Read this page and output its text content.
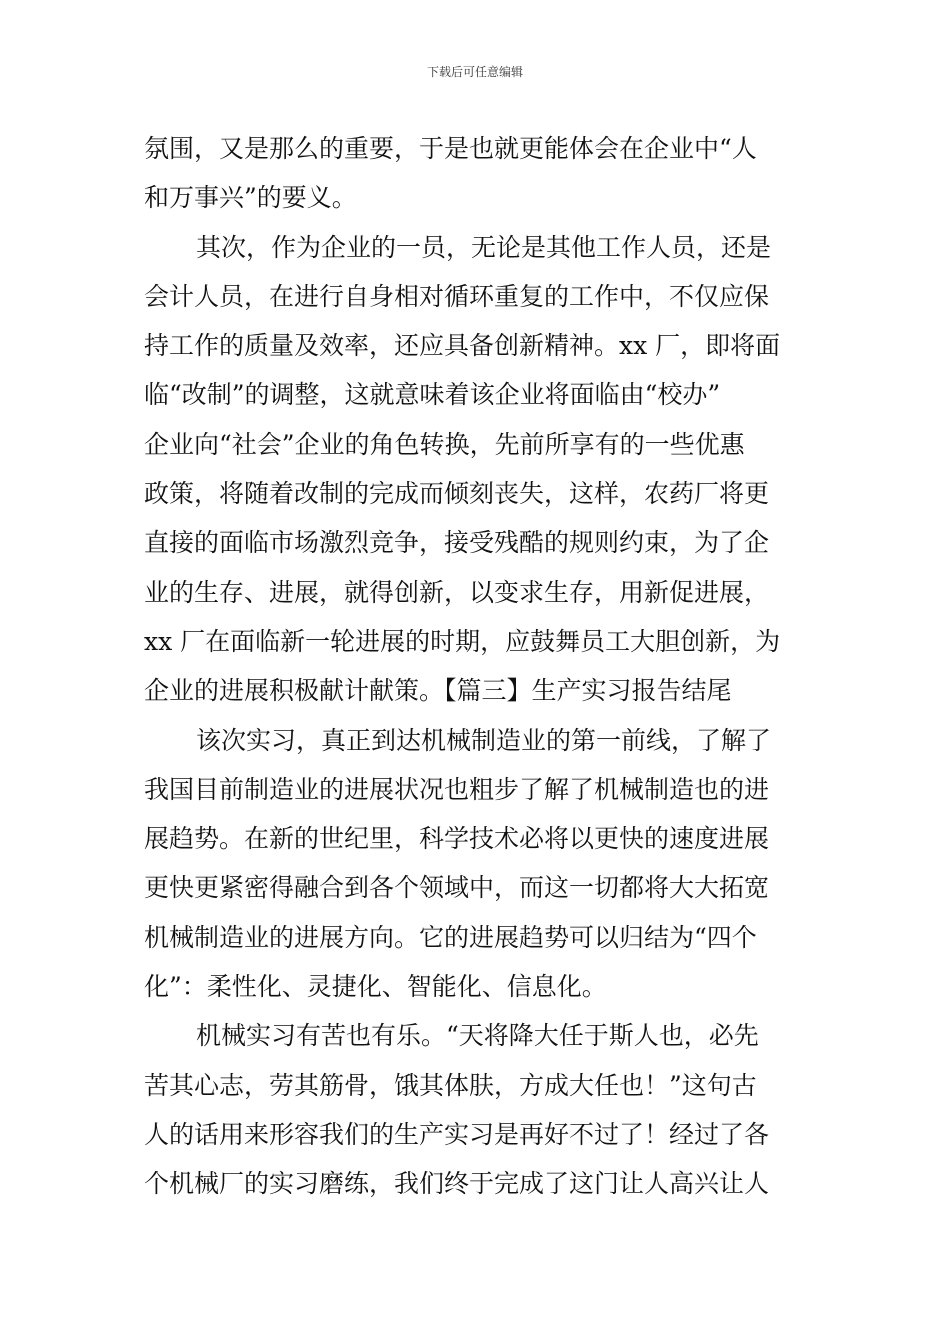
下载后可任意编辑
氛围，又是那么的重要，于是也就更能体会在企业中“人
和万事兴”的要义。
其次，作为企业的一员，无论是其他工作人员，还是
会计人员，在进行自身相对循环重复的工作中，不仅应保
持工作的质量及效率，还应具备创新精神。xx 厂，即将面
临“改制”的调整，这就意味着该企业将面临由“校办”
企业向“社会”企业的角色转换，先前所享有的一些优惠
政策，将随着改制的完成而倾刻丧失，这样，农药厂将更
直接的面临市场激烈竞争，接受残酷的规则约束，为了企
业的生存、进展，就得创新，以变求生存，用新促进展，
xx 厂在面临新一轮进展的时期，应鼓舞员工大胆创新，为
企业的进展积极献计献策。【篇三】生产实习报告结尾
该次实习，真正到达机械制造业的第一前线，了解了
我国目前制造业的进展状况也粗步了解了机械制造也的进
展趋势。在新的世纪里，科学技术必将以更快的速度进展
更快更紧密得融合到各个领域中，而这一切都将大大拓宽
机械制造业的进展方向。它的进展趋势可以归结为“四个
化”：柔性化、灵捷化、智能化、信息化。
机械实习有苦也有乐。“天将降大任于斯人也，必先
苦其心志，劳其筋骨，饿其体肤，方成大任也！”这句古
人的话用来形容我们的生产实习是再好不过了！经过了各
个机械厂的实习磨练，我们终于完成了这门让人高兴让人
